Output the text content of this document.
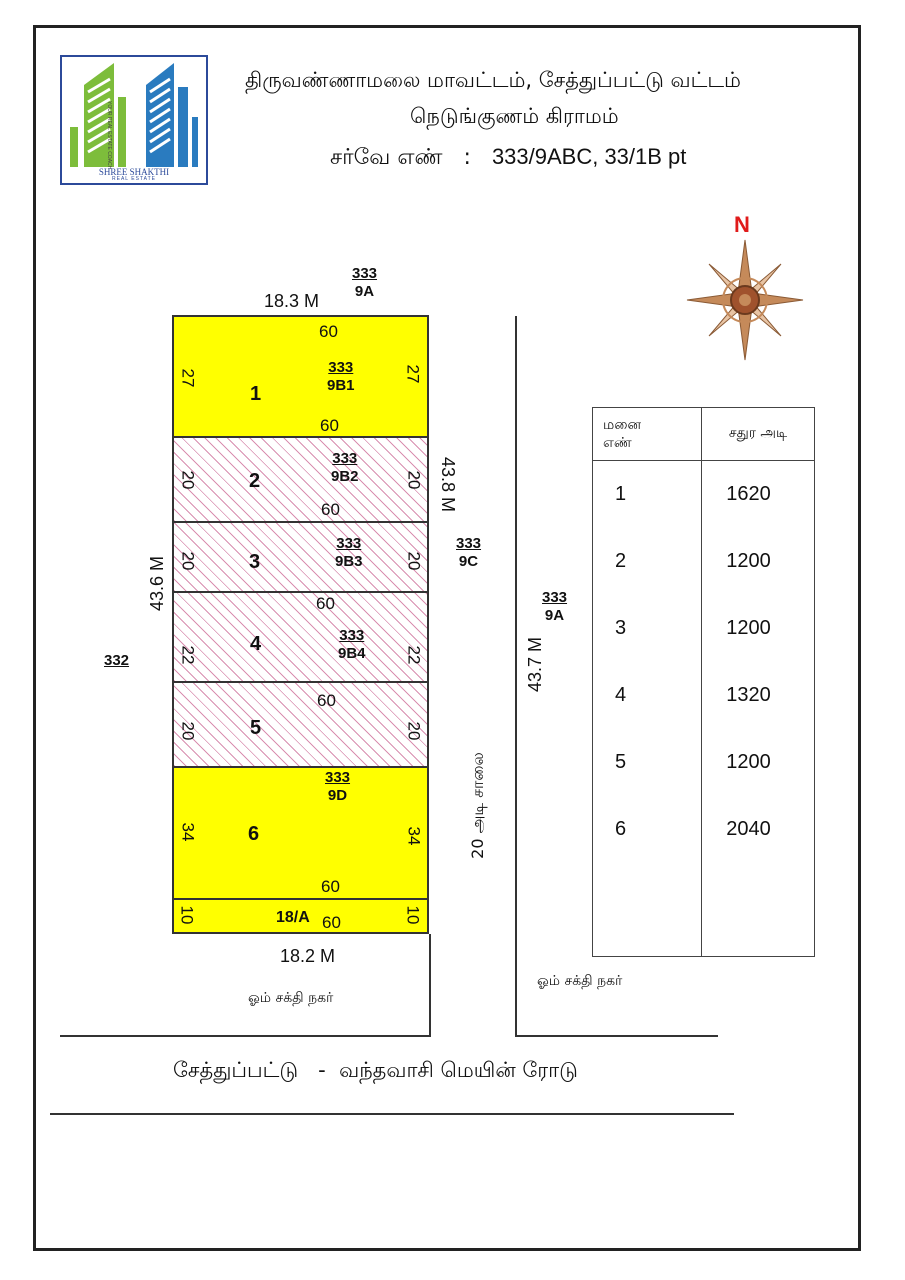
YOUR REAL ESTATE COACH
SHREE SHAKTHI
REAL ESTATE
திருவண்ணாமலை மாவட்டம், சேத்துப்பட்டு வட்டம்
நெடுங்குணம் கிராமம்
சர்வே எண் : 333/9ABC, 33/1B pt
N
18.3 M
333
9A
60
27	27
1
333
9B1
60
20	20
2
333
9B2
60
20	20
3
333
9B3
60
22	22
4	333
9B4
60
20	20
5
333
9D
34	34
6
60
10	10
18/A 60
43.6 M
43.8 M
332
333
9C
20 அடி சாலை
43.7 M
333
9A
18.2 M
ஓம் சக்தி நகர்
ஓம் சக்தி நகர்
சேத்துப்பட்டு   -  வந்தவாசி மெயின் ரோடு
மனை எண்	சதுர அடி
1	1620
2	1200
3	1200
4	1320
5	1200
6	2040
